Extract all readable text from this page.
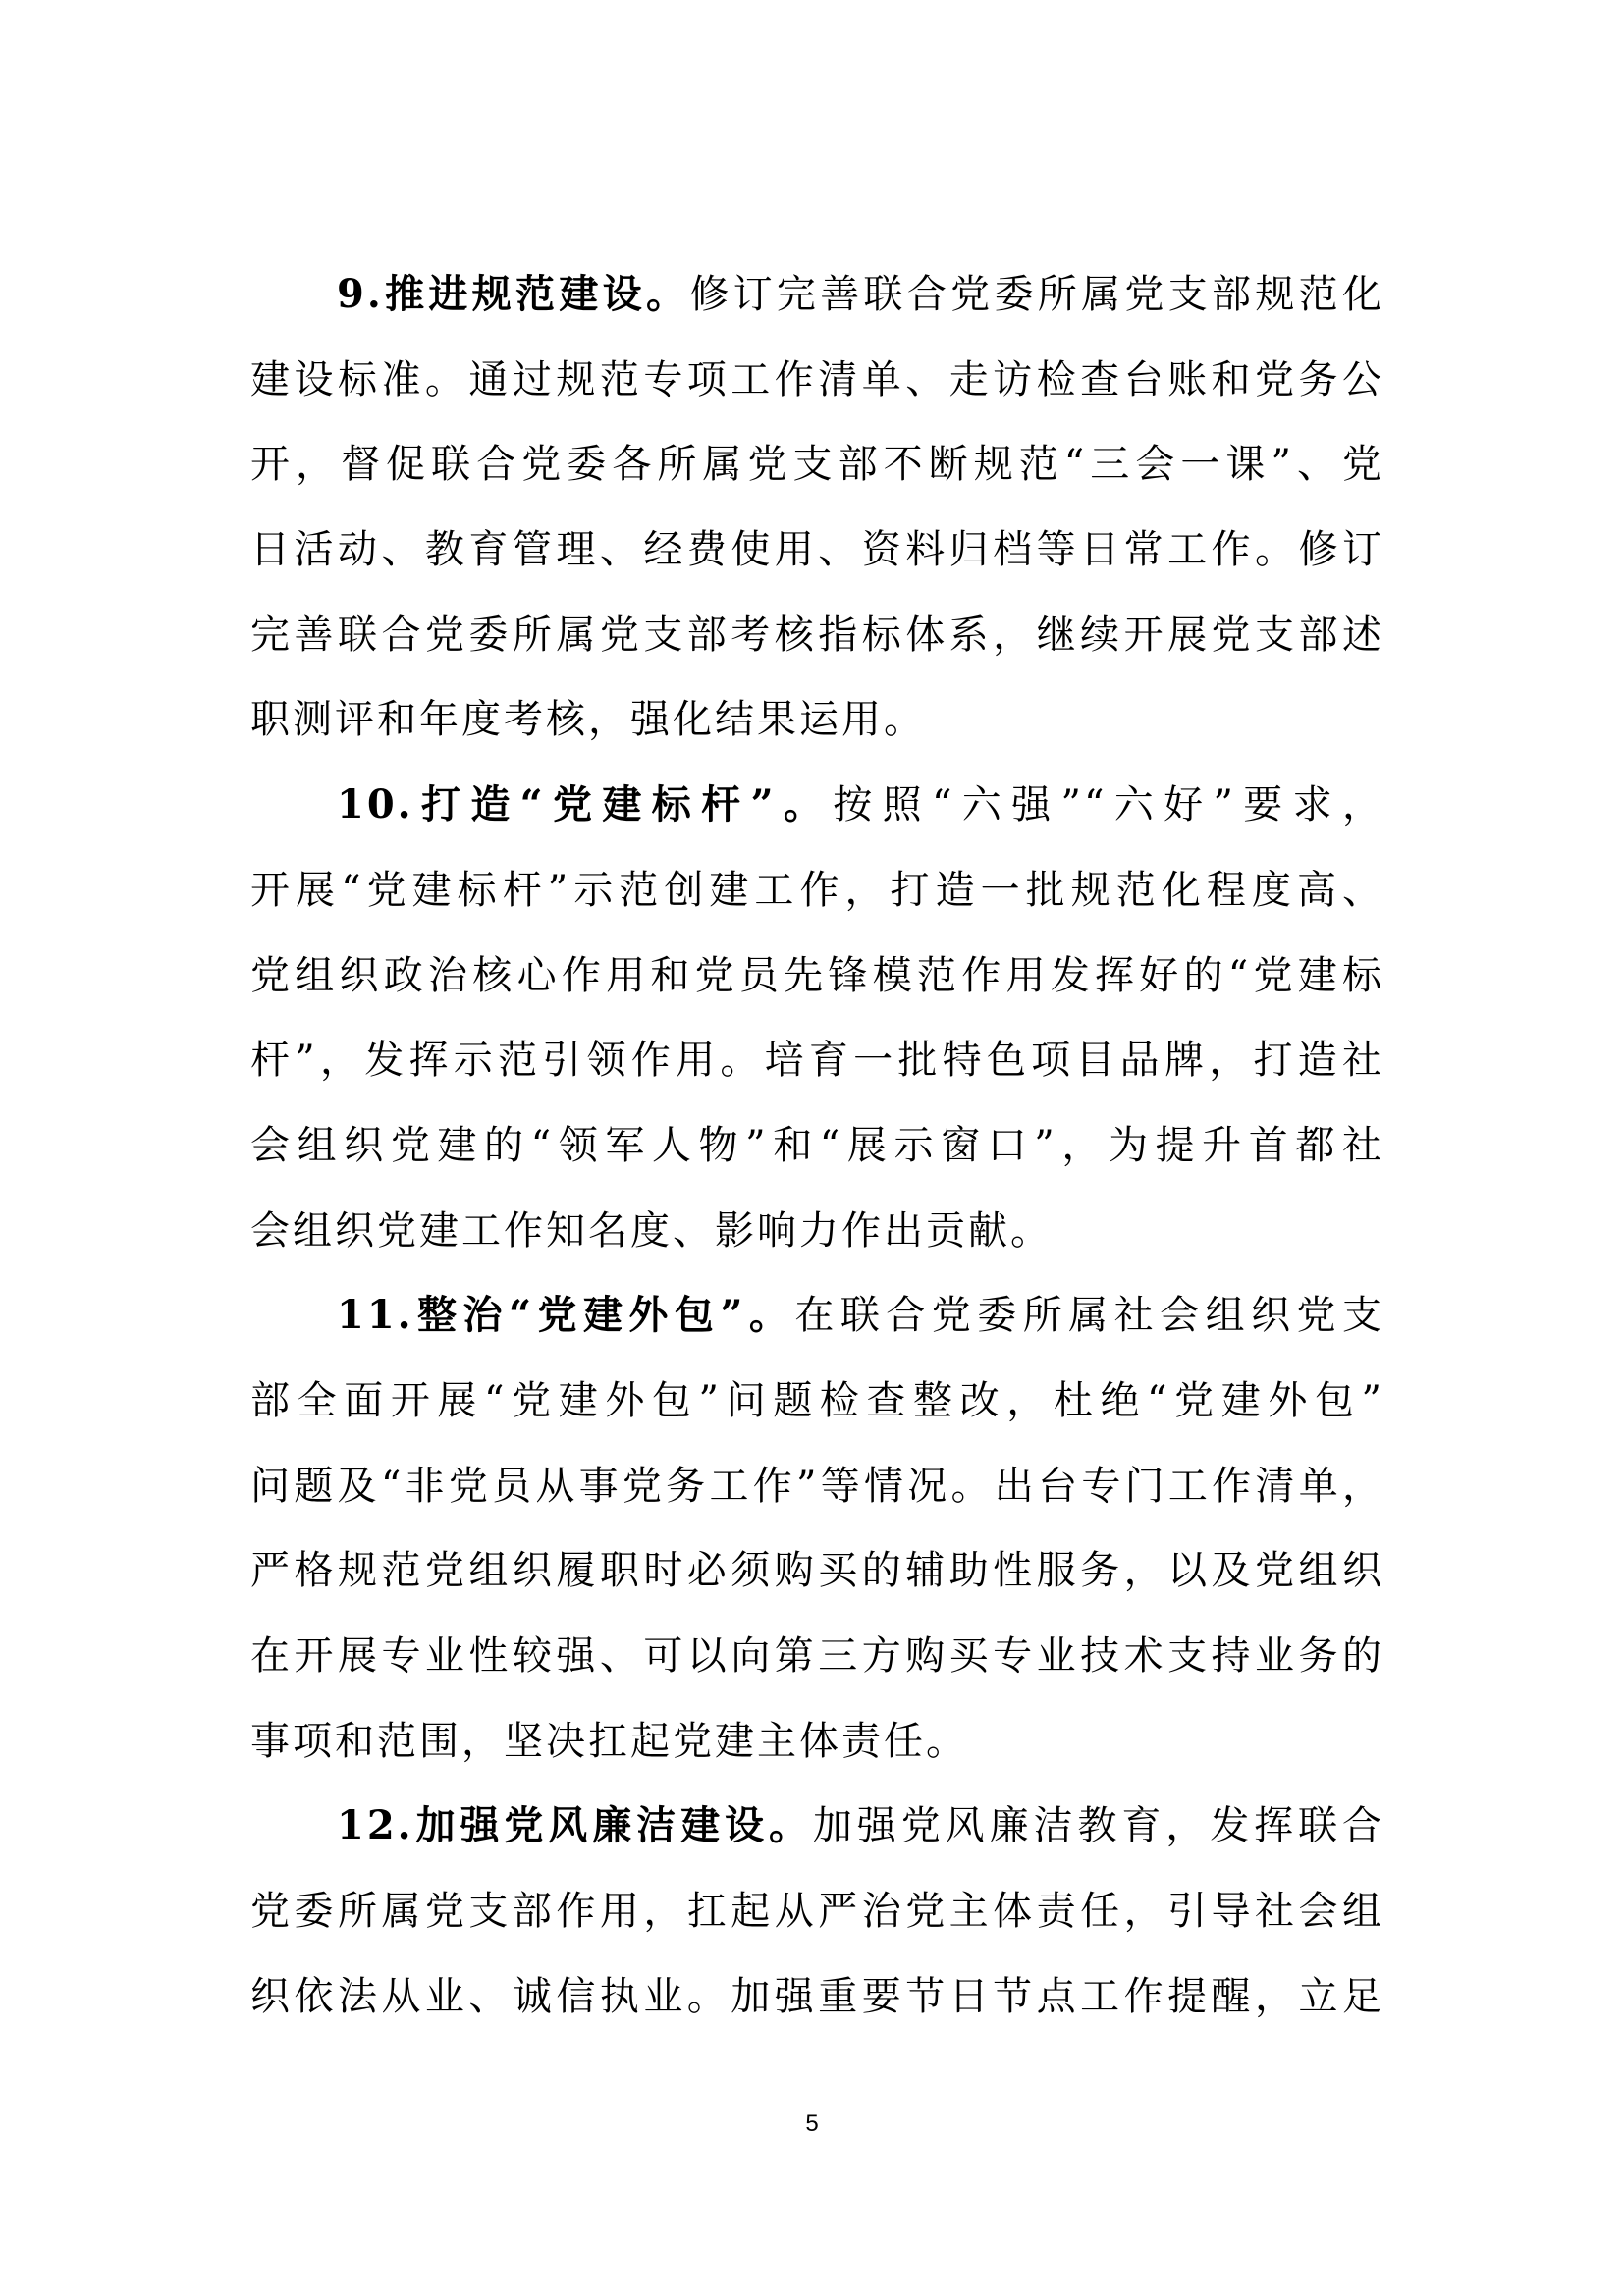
9.推进规范建设。修订完善联合党委所属党支部规范化
建设标准。通过规范专项工作清单、走访检查台账和党务公
开，督促联合党委各所属党支部不断规范“三会一课”、党
日活动、教育管理、经费使用、资料归档等日常工作。修订
完善联合党委所属党支部考核指标体系，继续开展党支部述
职测评和年度考核，强化结果运用。
10.打造“党建标杆”。按照“六强”“六好”要求，
开展“党建标杆”示范创建工作，打造一批规范化程度高、
党组织政治核心作用和党员先锋模范作用发挥好的“党建标
杆”，发挥示范引领作用。培育一批特色项目品牌，打造社
会组织党建的“领军人物”和“展示窗口”，为提升首都社
会组织党建工作知名度、影响力作出贡献。
11.整治“党建外包”。在联合党委所属社会组织党支
部全面开展“党建外包”问题检查整改，杜绝“党建外包”
问题及“非党员从事党务工作”等情况。出台专门工作清单，
严格规范党组织履职时必须购买的辅助性服务，以及党组织
在开展专业性较强、可以向第三方购买专业技术支持业务的
事项和范围，坚决扛起党建主体责任。
12.加强党风廉洁建设。加强党风廉洁教育，发挥联合
党委所属党支部作用，扛起从严治党主体责任，引导社会组
织依法从业、诚信执业。加强重要节日节点工作提醒，立足
5
